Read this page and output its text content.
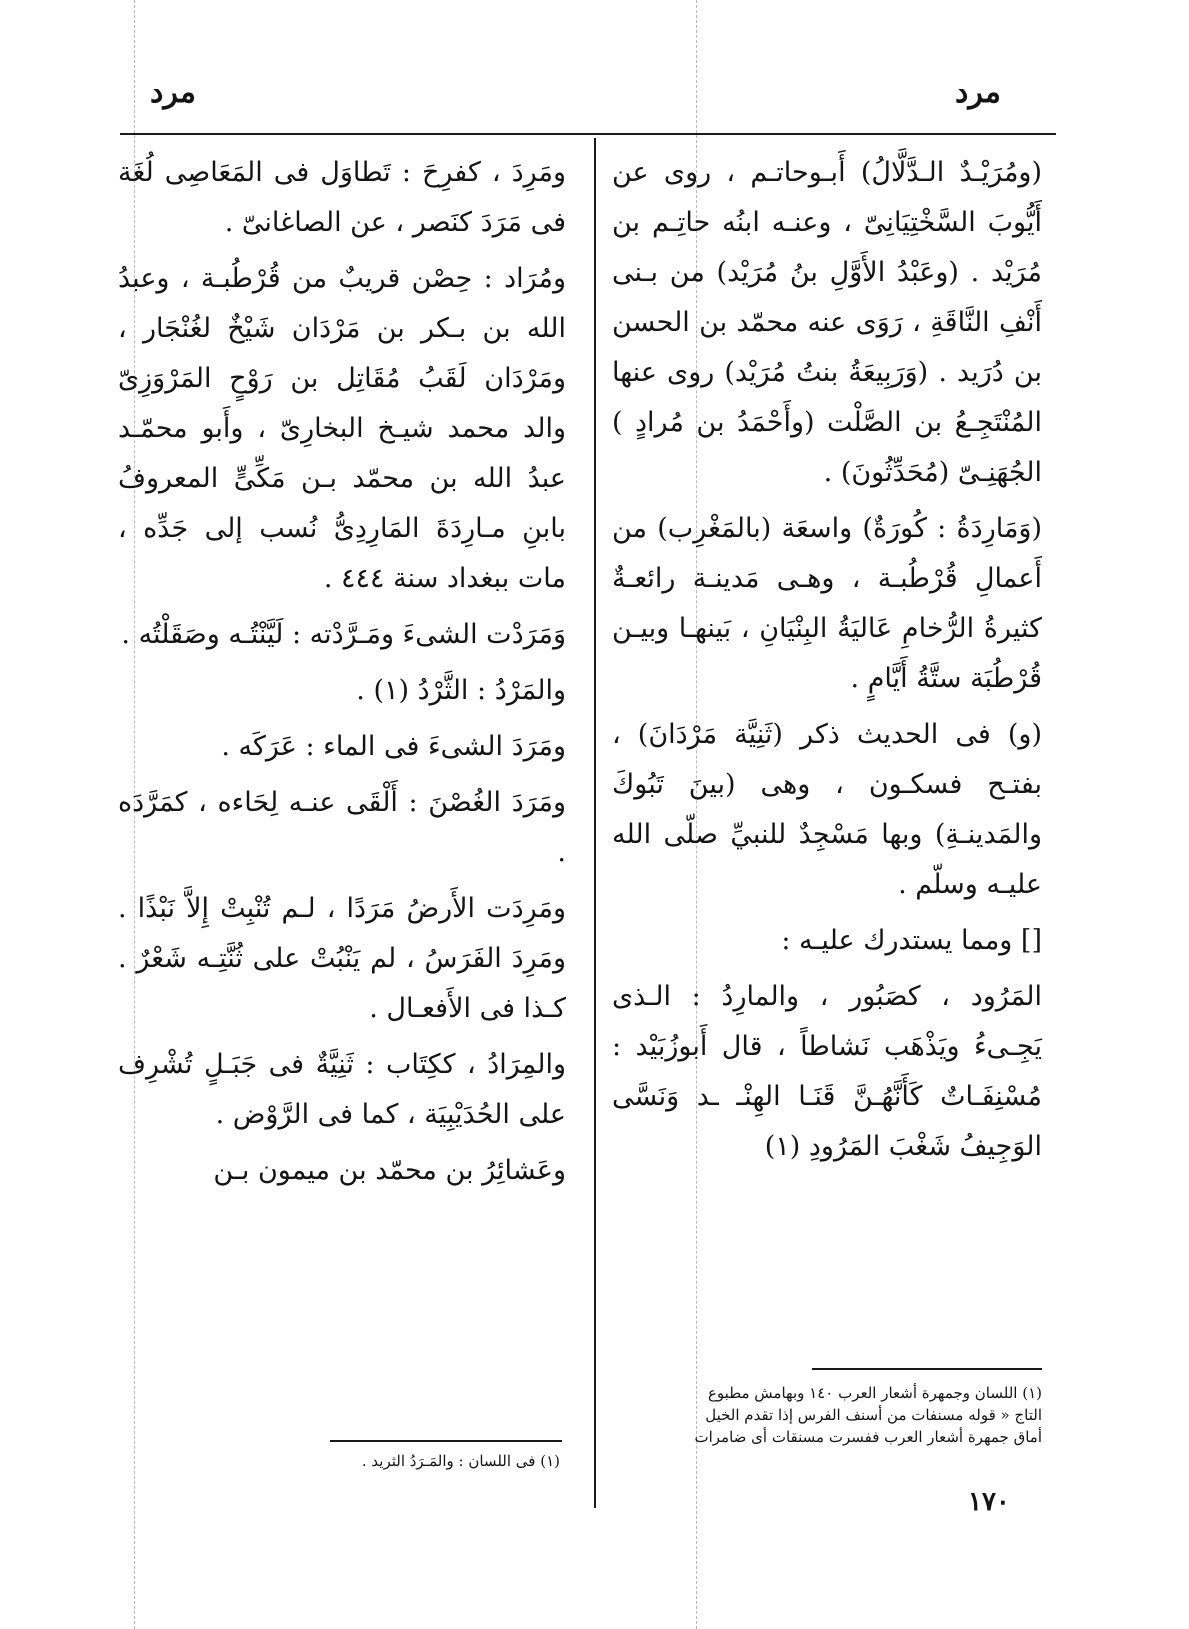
مرد	مرد

(ومُرَيْـدٌ الـدَّلَّالُ) أَبـوحاتـم ، روى عن أَيُّوبَ السَّخْتِيَانِىّ ، وعنـه ابنُه حاتِـم بن مُرَيْد . (وعَبْدُ الأَوَّلِ بنُ مُرَيْد) من بـنى أَنْفِ النَّاقَةِ ، رَوَى عنه محمّد بن الحسن بن دُرَيد . (وَرَبِيعَةُ بنتُ مُرَيْد) روى عنها المُنْتَجِـعُ بن الصَّلْت (وأَحْمَدُ بن مُرادٍ ) الجُهَنِـىّ (مُحَدِّثُونَ) .

(وَمَارِدَةُ : كُورَةٌ) واسعَة (بالمَغْرِب) من أَعمالِ قُرْطُبـة ، وهـى مَدينـة رائعـةٌ كثيرةُ الرُّخامِ عَاليَةُ البِنْيَانِ ، بَينهـا وبيـن قُرْطُبَة ستَّةُ أَيَّامٍ .

(و) فى الحديث ذكر (ثَنِيَّة مَرْدَانَ) ، بفتـح فسكـون ، وهى (بينَ تَبُوكَ والمَدينـةِ) وبها مَسْجِدٌ للنبيِّ صلّى الله عليـه وسلّم .

[] ومما يستدرك عليـه :

المَرُود ، كصَبُور ، والمارِدُ : الـذى يَجِـىءُ ويَذْهَب نَشاطاً ، قال أَبوزُبَيْد : مُسْنِفَـاتٌ كَأَنَّهُـنَّ قَنَـا الهِنْـ ـد وَنَسَّى الوَجِيفُ شَغْبَ المَرُودِ (١)

ومَرِدَ ، كفرِحَ : تَطاوَل فى المَعَاصِى لُغَة فى مَرَدَ كنَصر ، عن الصاغانىّ .

ومُرَاد : حِصْن قريبٌ من قُرْطُبـة ، وعبدُ الله بن بـكر بن مَرْدَان شَيْخٌ لغُنْجَار ، ومَرْدَان لَقَبُ مُقَاتِل بن رَوْحٍ المَرْوَزِىّ والد محمد شيـخ البخارِىّ ، وأَبو محمّـد عبدُ الله بن محمّد بـن مَكِّىٍّ المعروفُ بابنِ مـارِدَةَ المَارِدِىُّ نُسب إلى جَدِّه ، مات ببغداد سنة ٤٤٤ .

وَمَرَدْت الشىءَ ومَـرَّدْته : لَيَّنْتُـه وصَقَلْتُه .

والمَرْدُ : الثَّرْدُ (١) .

ومَرَدَ الشىءَ فى الماء : عَرَكَه .

ومَرَدَ الغُصْنَ : أَلْقَى عنـه لِحَاءه ، كمَرَّدَه .

ومَرِدَت الأَرضُ مَرَدًا ، لـم تُنْبِتْ إِلاَّ نَبْذًا . ومَرِدَ الفَرَسُ ، لم يَنْبُتْ على ثُنَّتِـه شَعْرٌ . كـذا فى الأَفعـال .

والمِرَادُ ، ككِتَاب : ثَنِيَّةٌ فى جَبَـلٍ تُشْرِف على الحُدَيْبِيَة ، كما فى الرَّوْض .

وعَشائِرُ بن محمّد بن ميمون بـن

(١) فى اللسان : والمَـرَدُ الثريد .

(١) اللسان وجمهرة أشعار العرب ١٤٠ وبهامش مطبوع

التاج « قوله مسنفات من أسنف الفرس إذا تقدم الخيل

أماق جمهرة أشعار العرب ففسرت مسنقات أى ضامرات

١٧٠
